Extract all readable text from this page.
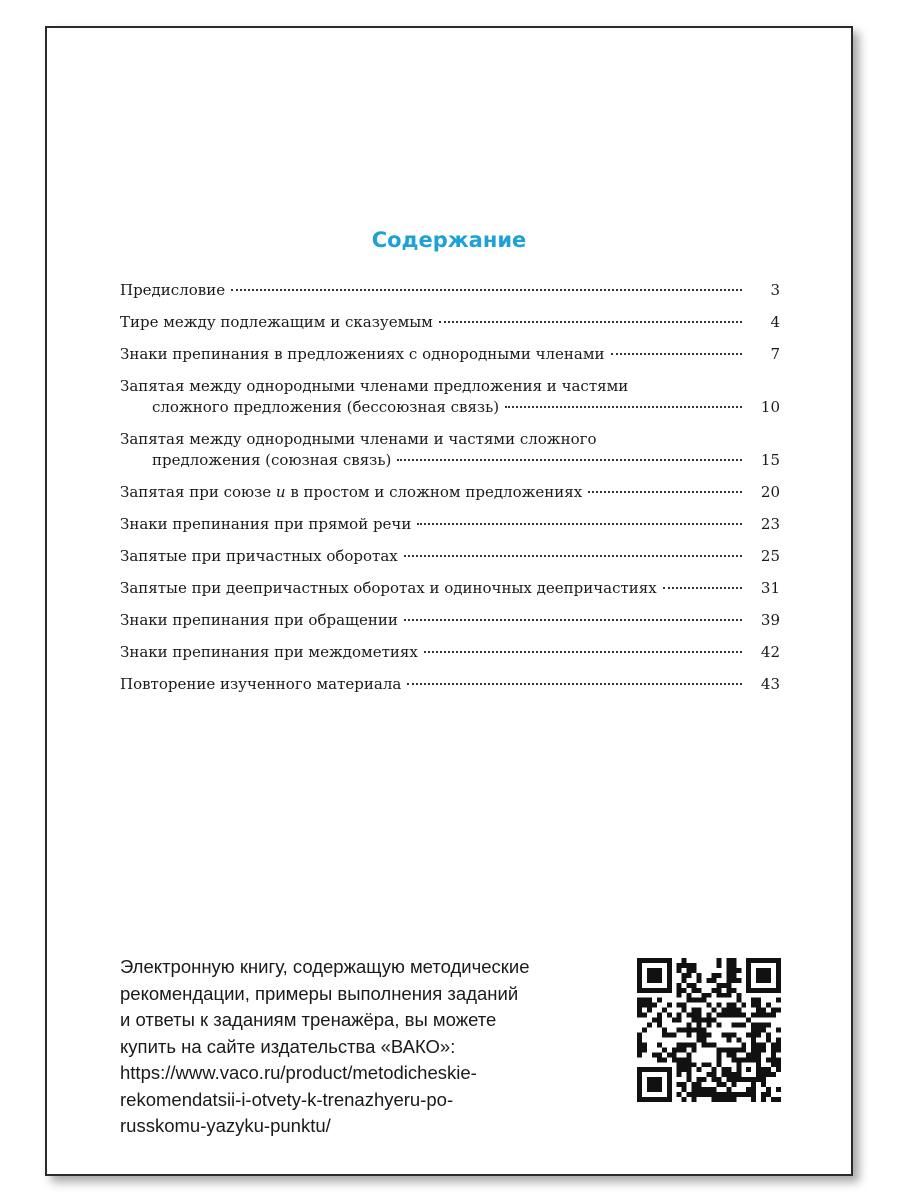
Содержание
Предисловие	3
Тире между подлежащим и сказуемым	4
Знаки препинания в предложениях с однородными членами	7
Запятая между однородными членами предложения и частями
сложного предложения (бессоюзная связь)	10
Запятая между однородными членами и частями сложного
предложения (союзная связь)	15
Запятая при союзе и в простом и сложном предложениях	20
Знаки препинания при прямой речи	23
Запятые при причастных оборотах	25
Запятые при деепричастных оборотах и одиночных деепричастиях	31
Знаки препинания при обращении	39
Знаки препинания при междометиях	42
Повторение изученного материала	43
Электронную книгу, содержащую методические
рекомендации, примеры выполнения заданий
и ответы к заданиям тренажёра, вы можете
купить на сайте издательства «ВАКО»:
https://www.vaco.ru/product/metodicheskie-
rekomendatsii-i-otvety-k-trenazhyeru-po-
russkomu-yazyku-punktu/
